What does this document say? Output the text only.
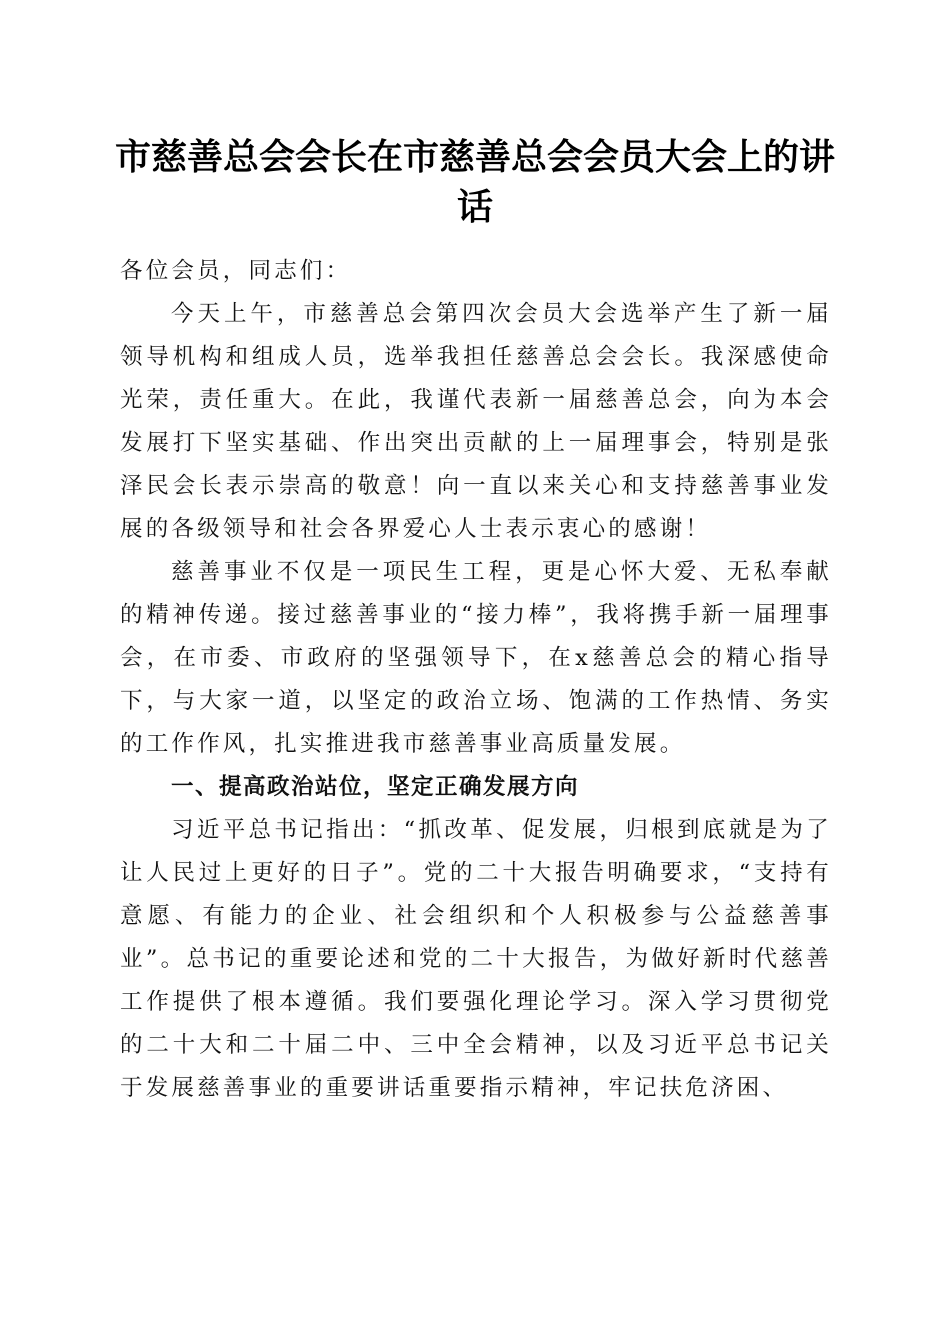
市慈善总会会长在市慈善总会会员大会上的讲话

各位会员，同志们：

今天上午，市慈善总会第四次会员大会选举产生了新一届领导机构和组成人员，选举我担任慈善总会会长。我深感使命光荣，责任重大。在此，我谨代表新一届慈善总会，向为本会发展打下坚实基础、作出突出贡献的上一届理事会，特别是张泽民会长表示崇高的敬意！向一直以来关心和支持慈善事业发展的各级领导和社会各界爱心人士表示衷心的感谢！

慈善事业不仅是一项民生工程，更是心怀大爱、无私奉献的精神传递。接过慈善事业的“接力棒”，我将携手新一届理事会，在市委、市政府的坚强领导下，在x慈善总会的精心指导下，与大家一道，以坚定的政治立场、饱满的工作热情、务实的工作作风，扎实推进我市慈善事业高质量发展。

一、提高政治站位，坚定正确发展方向

习近平总书记指出：“抓改革、促发展，归根到底就是为了让人民过上更好的日子”。党的二十大报告明确要求，“支持有意愿、有能力的企业、社会组织和个人积极参与公益慈善事业”。总书记的重要论述和党的二十大报告，为做好新时代慈善工作提供了根本遵循。我们要强化理论学习。深入学习贯彻党的二十大和二十届二中、三中全会精神，以及习近平总书记关于发展慈善事业的重要讲话重要指示精神，牢记扶危济困、
